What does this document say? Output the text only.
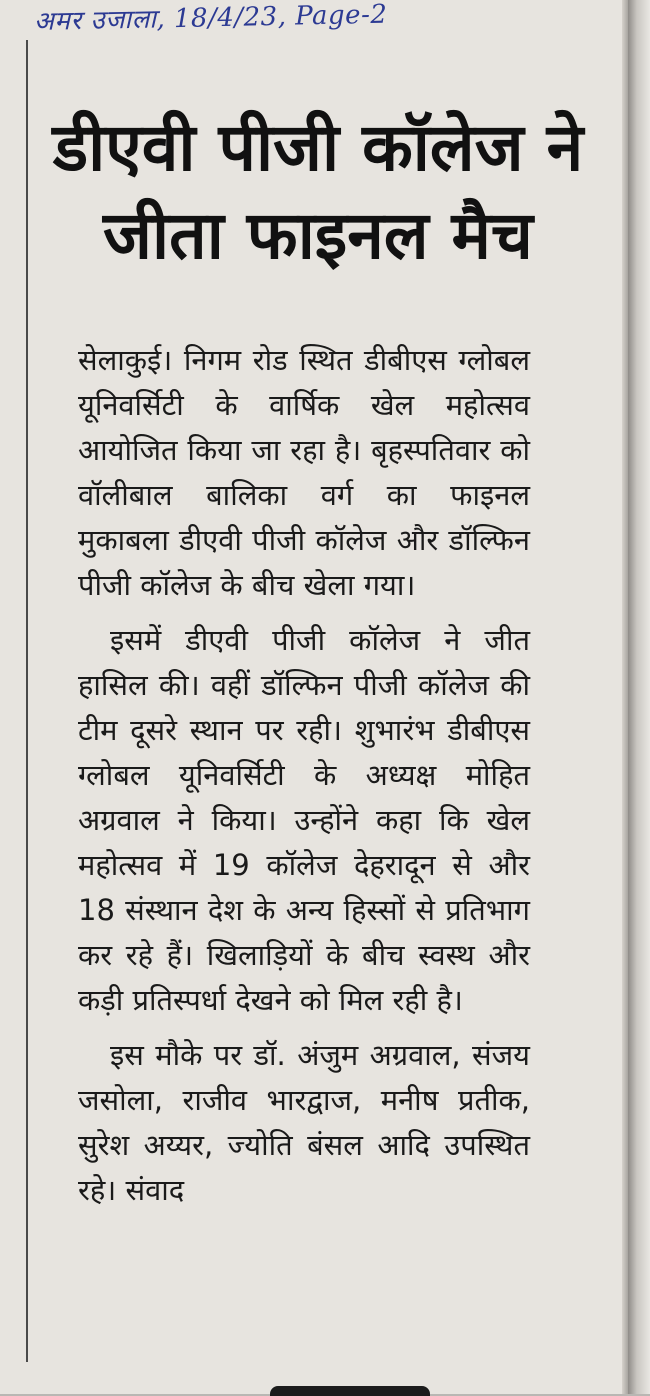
अमर उजाला, 18/4/23, Page-2
डीएवी पीजी कॉलेज ने जीता फाइनल मैच

सेलाकुई। निगम रोड स्थित डीबीएस ग्लोबल यूनिवर्सिटी के वार्षिक खेल महोत्सव आयोजित किया जा रहा है। बृहस्पतिवार को वॉलीबाल बालिका वर्ग का फाइनल मुकाबला डीएवी पीजी कॉलेज और डॉल्फिन पीजी कॉलेज के बीच खेला गया।

इसमें डीएवी पीजी कॉलेज ने जीत हासिल की। वहीं डॉल्फिन पीजी कॉलेज की टीम दूसरे स्थान पर रही। शुभारंभ डीबीएस ग्लोबल यूनिवर्सिटी के अध्यक्ष मोहित अग्रवाल ने किया। उन्होंने कहा कि खेल महोत्सव में 19 कॉलेज देहरादून से और 18 संस्थान देश के अन्य हिस्सों से प्रतिभाग कर रहे हैं। खिलाड़ियों के बीच स्वस्थ और कड़ी प्रतिस्पर्धा देखने को मिल रही है।

इस मौके पर डॉ. अंजुम अग्रवाल, संजय जसोला, राजीव भारद्वाज, मनीष प्रतीक, सुरेश अय्यर, ज्योति बंसल आदि उपस्थित रहे। संवाद
